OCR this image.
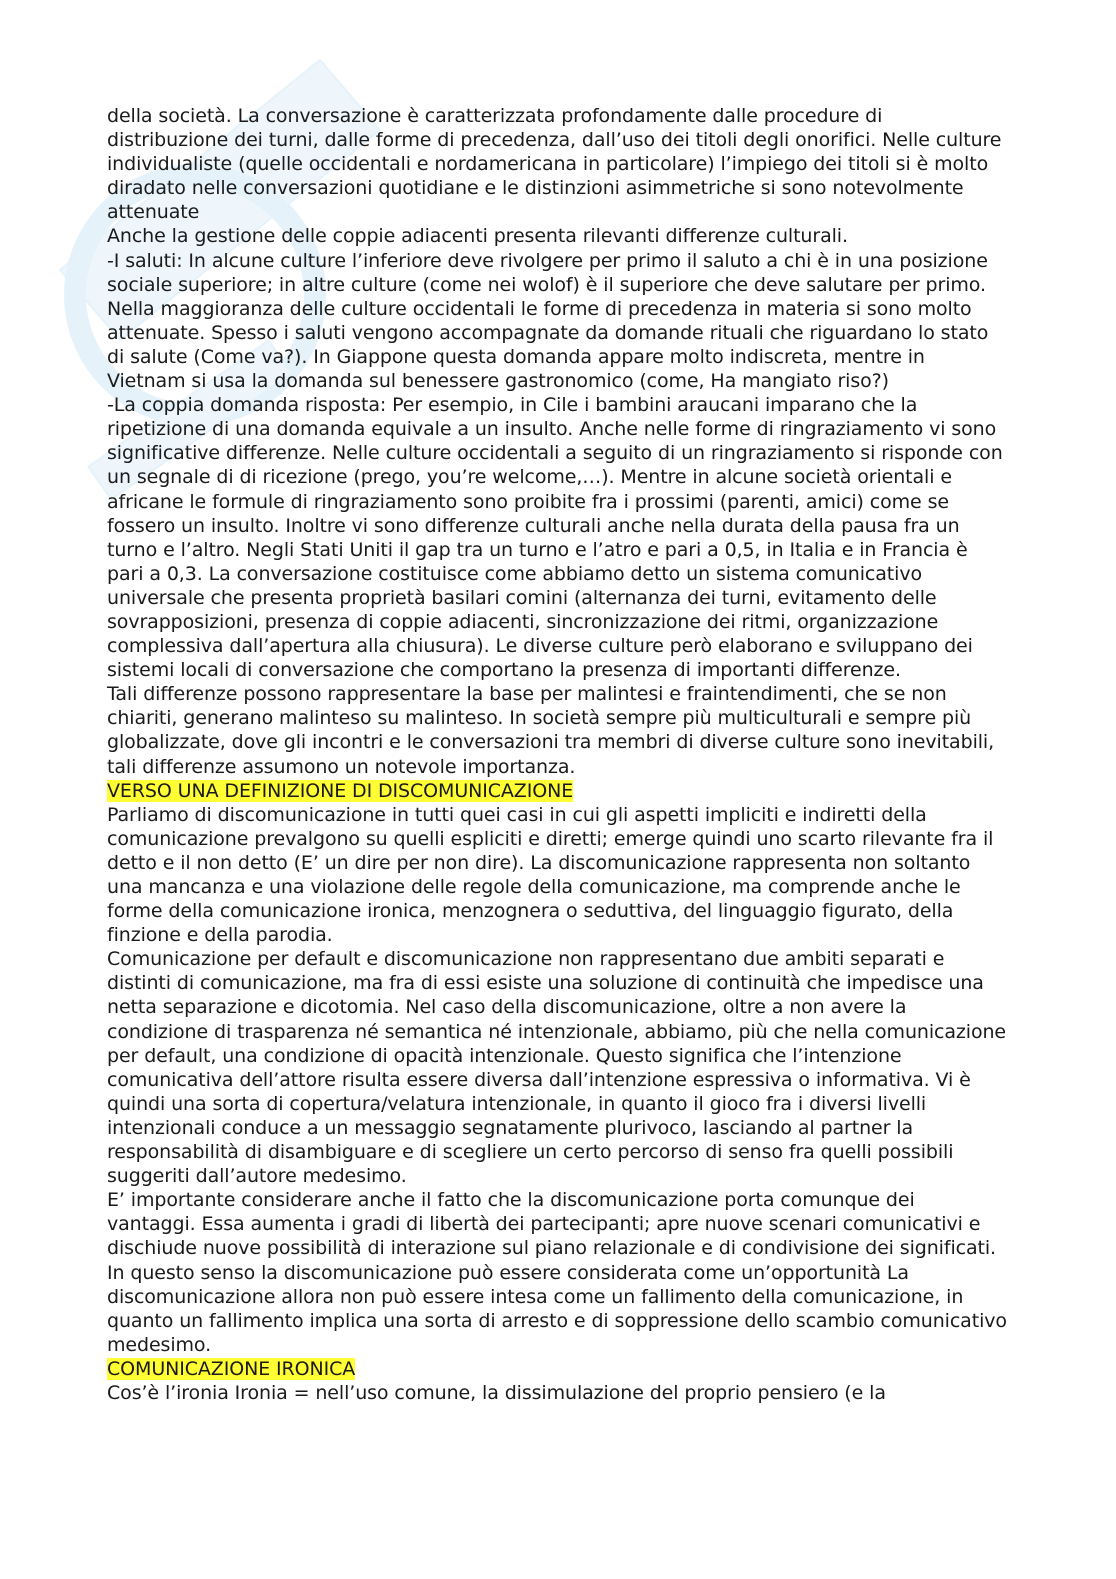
della società. La conversazione è caratterizzata profondamente dalle procedure di distribuzione dei turni, dalle forme di precedenza, dall’uso dei titoli degli onorifici. Nelle culture individualiste (quelle occidentali e nordamericana in particolare) l’impiego dei titoli si è molto diradato nelle conversazioni quotidiane e le distinzioni asimmetriche si sono notevolmente attenuate

Anche la gestione delle coppie adiacenti presenta rilevanti differenze culturali.

-I saluti: In alcune culture l’inferiore deve rivolgere per primo il saluto a chi è in una posizione sociale superiore; in altre culture (come nei wolof) è il superiore che deve salutare per primo. Nella maggioranza delle culture occidentali le forme di precedenza in materia si sono molto attenuate. Spesso i saluti vengono accompagnate da domande rituali che riguardano lo stato di salute (Come va?). In Giappone questa domanda appare molto indiscreta, mentre in Vietnam si usa la domanda sul benessere gastronomico (come, Ha mangiato riso?)

-La coppia domanda risposta: Per esempio, in Cile i bambini araucani imparano che la ripetizione di una domanda equivale a un insulto. Anche nelle forme di ringraziamento vi sono significative differenze. Nelle culture occidentali a seguito di un ringraziamento si risponde con un segnale di di ricezione (prego, you’re welcome,…). Mentre in alcune società orientali e africane le formule di ringraziamento sono proibite fra i prossimi (parenti, amici) come se fossero un insulto. Inoltre vi sono differenze culturali anche nella durata della pausa fra un turno e l’altro. Negli Stati Uniti il gap tra un turno e l’atro e pari a 0,5, in Italia e in Francia è pari a 0,3. La conversazione costituisce come abbiamo detto un sistema comunicativo universale che presenta proprietà basilari comini (alternanza dei turni, evitamento delle sovrapposizioni, presenza di coppie adiacenti, sincronizzazione dei ritmi, organizzazione complessiva dall’apertura alla chiusura). Le diverse culture però elaborano e sviluppano dei sistemi locali di conversazione che comportano la presenza di importanti differenze.

Tali differenze possono rappresentare la base per malintesi e fraintendimenti, che se non chiariti, generano malinteso su malinteso. In società sempre più multiculturali e sempre più globalizzate, dove gli incontri e le conversazioni tra membri di diverse culture sono inevitabili, tali differenze assumono un notevole importanza.

VERSO UNA DEFINIZIONE DI DISCOMUNICAZIONE

Parliamo di discomunicazione in tutti quei casi in cui gli aspetti impliciti e indiretti della comunicazione prevalgono su quelli espliciti e diretti; emerge quindi uno scarto rilevante fra il detto e il non detto (E’ un dire per non dire). La discomunicazione rappresenta non soltanto una mancanza e una violazione delle regole della comunicazione, ma comprende anche le forme della comunicazione ironica, menzognera o seduttiva, del linguaggio figurato, della finzione e della parodia.

Comunicazione per default e discomunicazione non rappresentano due ambiti separati e distinti di comunicazione, ma fra di essi esiste una soluzione di continuità che impedisce una netta separazione e dicotomia. Nel caso della discomunicazione, oltre a non avere la condizione di trasparenza né semantica né intenzionale, abbiamo, più che nella comunicazione per default, una condizione di opacità intenzionale. Questo significa che l’intenzione comunicativa dell’attore risulta essere diversa dall’intenzione espressiva o informativa. Vi è quindi una sorta di copertura/velatura intenzionale, in quanto il gioco fra i diversi livelli intenzionali conduce a un messaggio segnatamente plurivoco, lasciando al partner la responsabilità di disambiguare e di scegliere un certo percorso di senso fra quelli possibili suggeriti dall’autore medesimo.

E’ importante considerare anche il fatto che la discomunicazione porta comunque dei vantaggi. Essa aumenta i gradi di libertà dei partecipanti; apre nuove scenari comunicativi e dischiude nuove possibilità di interazione sul piano relazionale e di condivisione dei significati. In questo senso la discomunicazione può essere considerata come un’opportunità La discomunicazione allora non può essere intesa come un fallimento della comunicazione, in quanto un fallimento implica una sorta di arresto e di soppressione dello scambio comunicativo medesimo.

COMUNICAZIONE IRONICA

Cos’è l’ironia Ironia = nell’uso comune, la dissimulazione del proprio pensiero (e la
